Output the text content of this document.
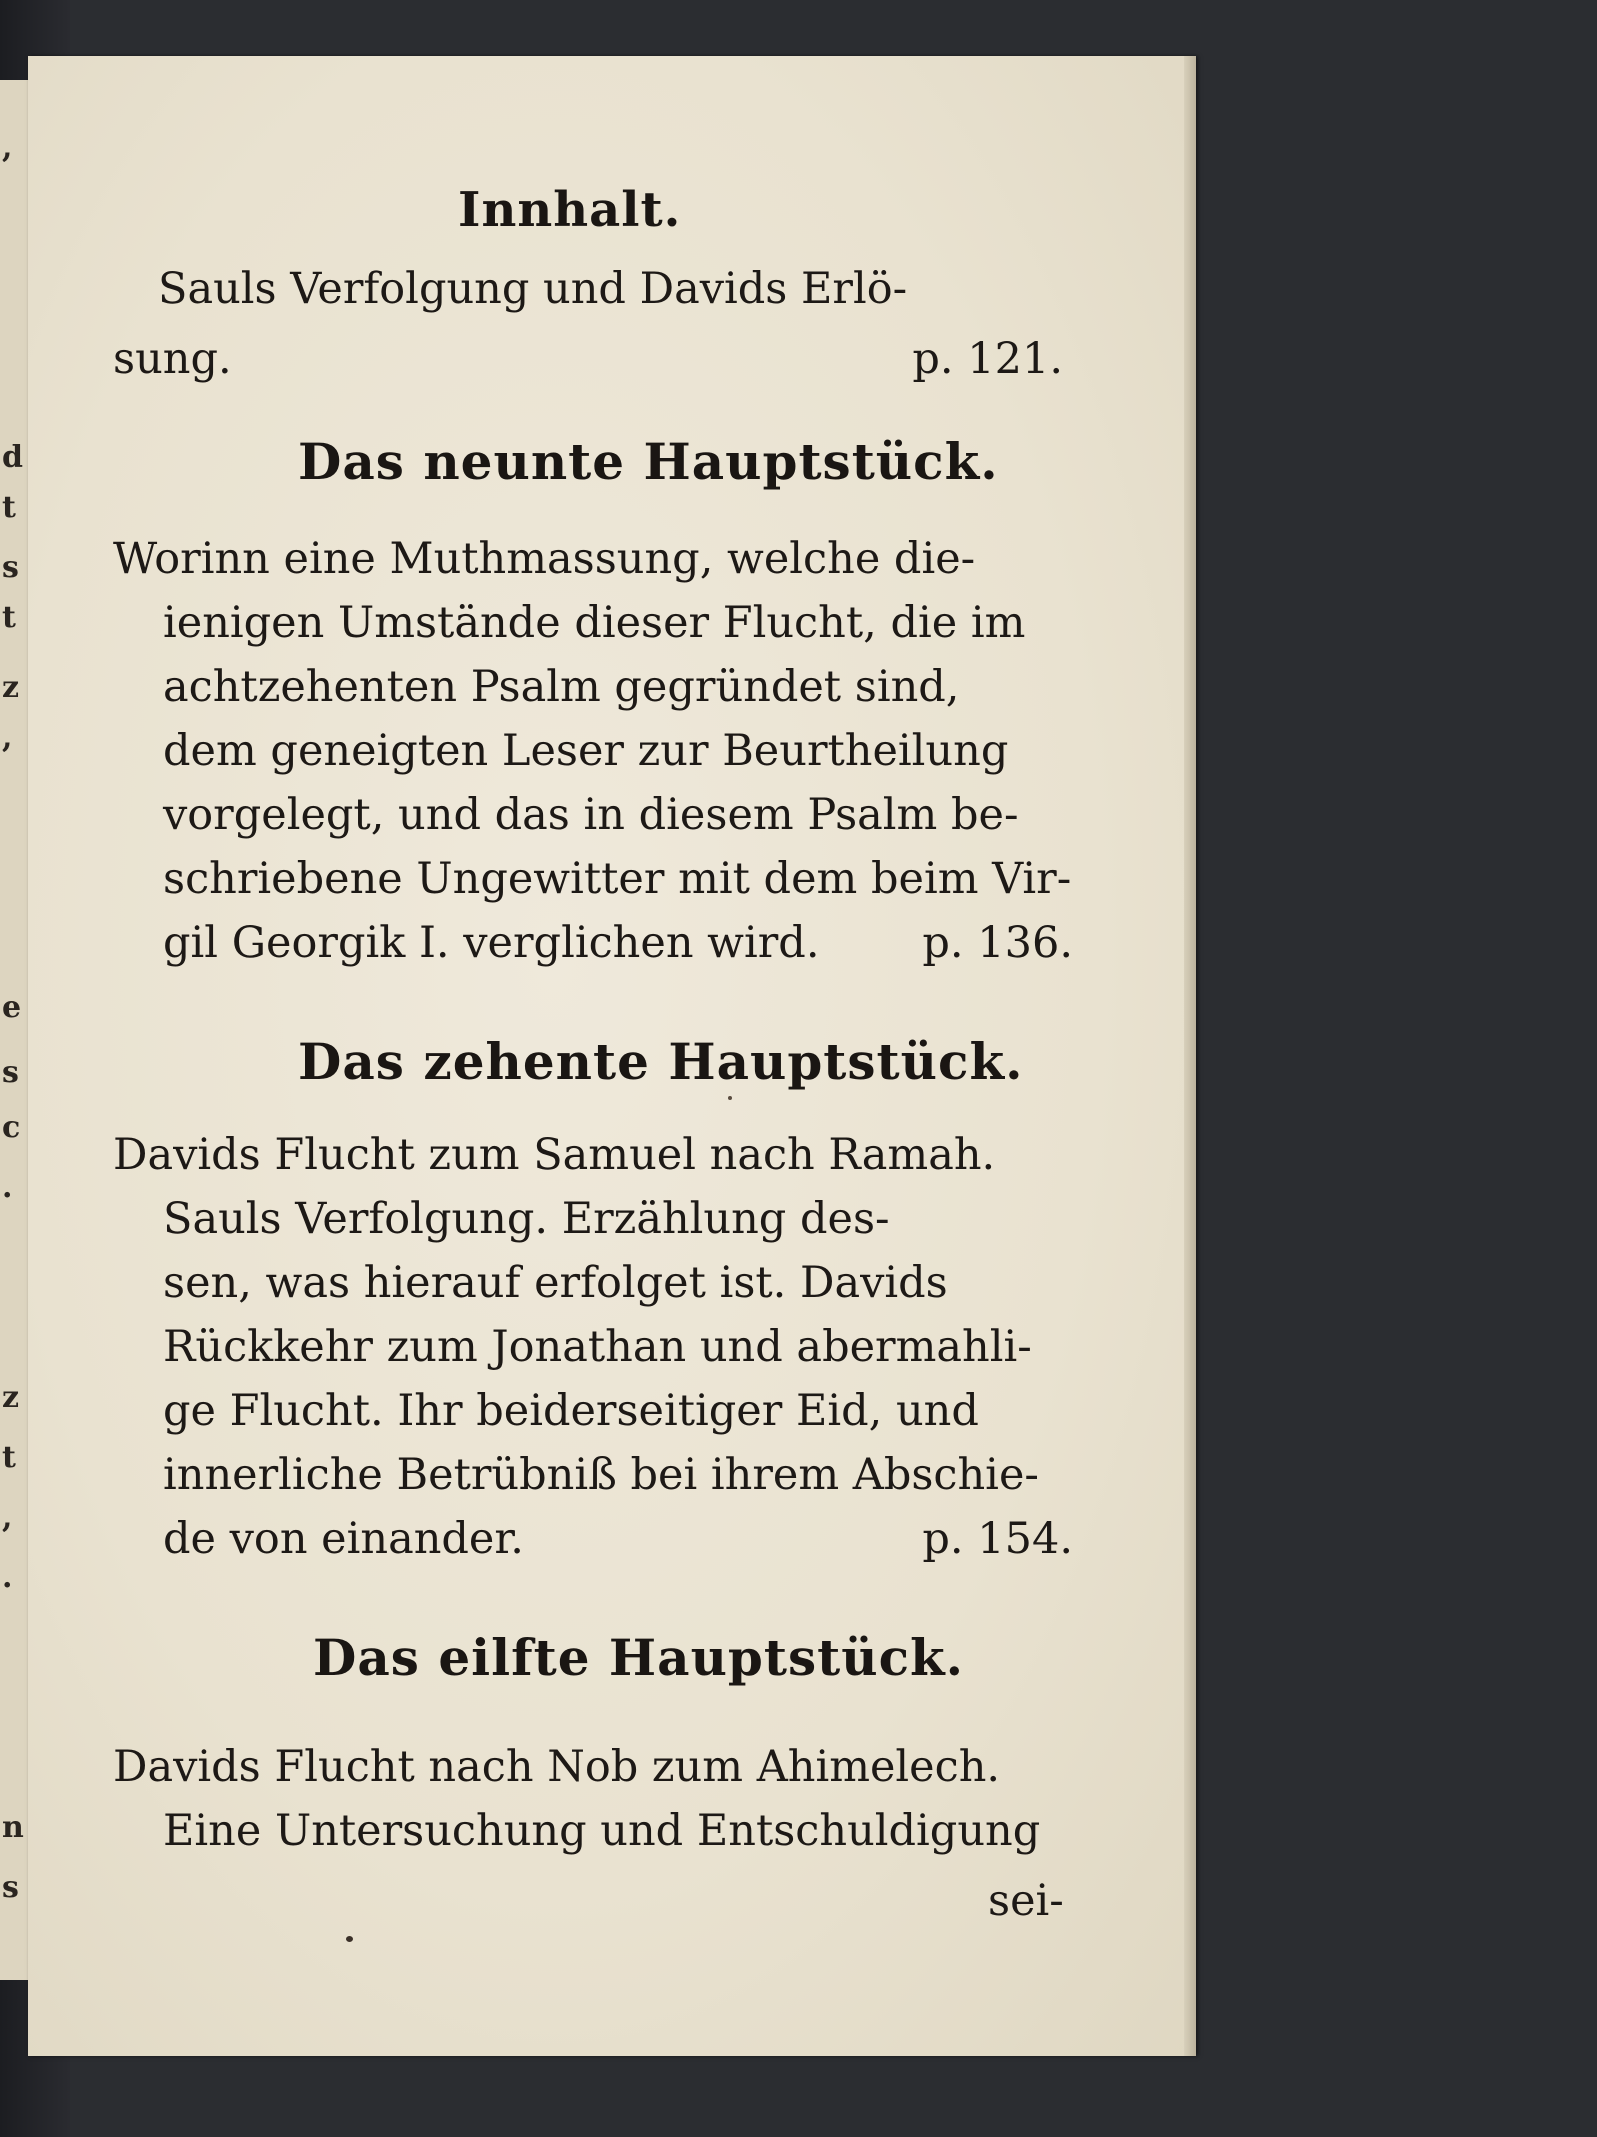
,
d
t
s
t
z
,
e
s
c
.
z
t
,
.
n
s
Innhalt.
Sauls Verfolgung und Davids Erlö-
sung.	p. 121.
Das neunte Hauptstück.
Worinn eine Muthmassung, welche die-
ienigen Umstände dieser Flucht, die im
achtzehenten Psalm gegründet sind,
dem geneigten Leser zur Beurtheilung
vorgelegt, und das in diesem Psalm be-
schriebene Ungewitter mit dem beim Vir-
gil Georgik I. verglichen wird. p. 136.
Das zehente Hauptstück.
Davids Flucht zum Samuel nach Ramah.
Sauls Verfolgung. Erzählung des-
sen, was hierauf erfolget ist. Davids
Rückkehr zum Jonathan und abermahli-
ge Flucht. Ihr beiderseitiger Eid, und
innerliche Betrübniß bei ihrem Abschie-
de von einander.	p. 154.
Das eilfte Hauptstück.
Davids Flucht nach Nob zum Ahimelech.
Eine Untersuchung und Entschuldigung
sei-
